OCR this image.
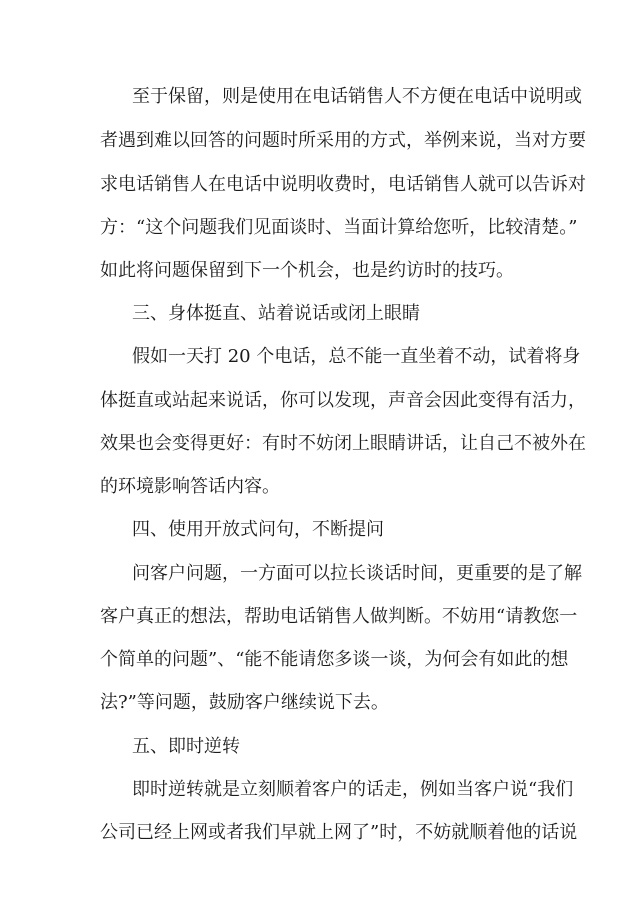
至于保留，则是使用在电话销售人不方便在电话中说明或
者遇到难以回答的问题时所采用的方式，举例来说，当对方要
求电话销售人在电话中说明收费时，电话销售人就可以告诉对
方：“这个问题我们见面谈时、当面计算给您听，比较清楚。”
如此将问题保留到下一个机会，也是约访时的技巧。
三、身体挺直、站着说话或闭上眼睛
假如一天打 20 个电话，总不能一直坐着不动，试着将身
体挺直或站起来说话，你可以发现，声音会因此变得有活力，
效果也会变得更好：有时不妨闭上眼睛讲话，让自己不被外在
的环境影响答话内容。
四、使用开放式问句，不断提问
问客户问题，一方面可以拉长谈话时间，更重要的是了解
客户真正的想法，帮助电话销售人做判断。不妨用“请教您一
个简单的问题”、“能不能请您多谈一谈，为何会有如此的想
法?”等问题，鼓励客户继续说下去。
五、即时逆转
即时逆转就是立刻顺着客户的话走，例如当客户说“我们
公司已经上网或者我们早就上网了”时，不妨就顺着他的话说
